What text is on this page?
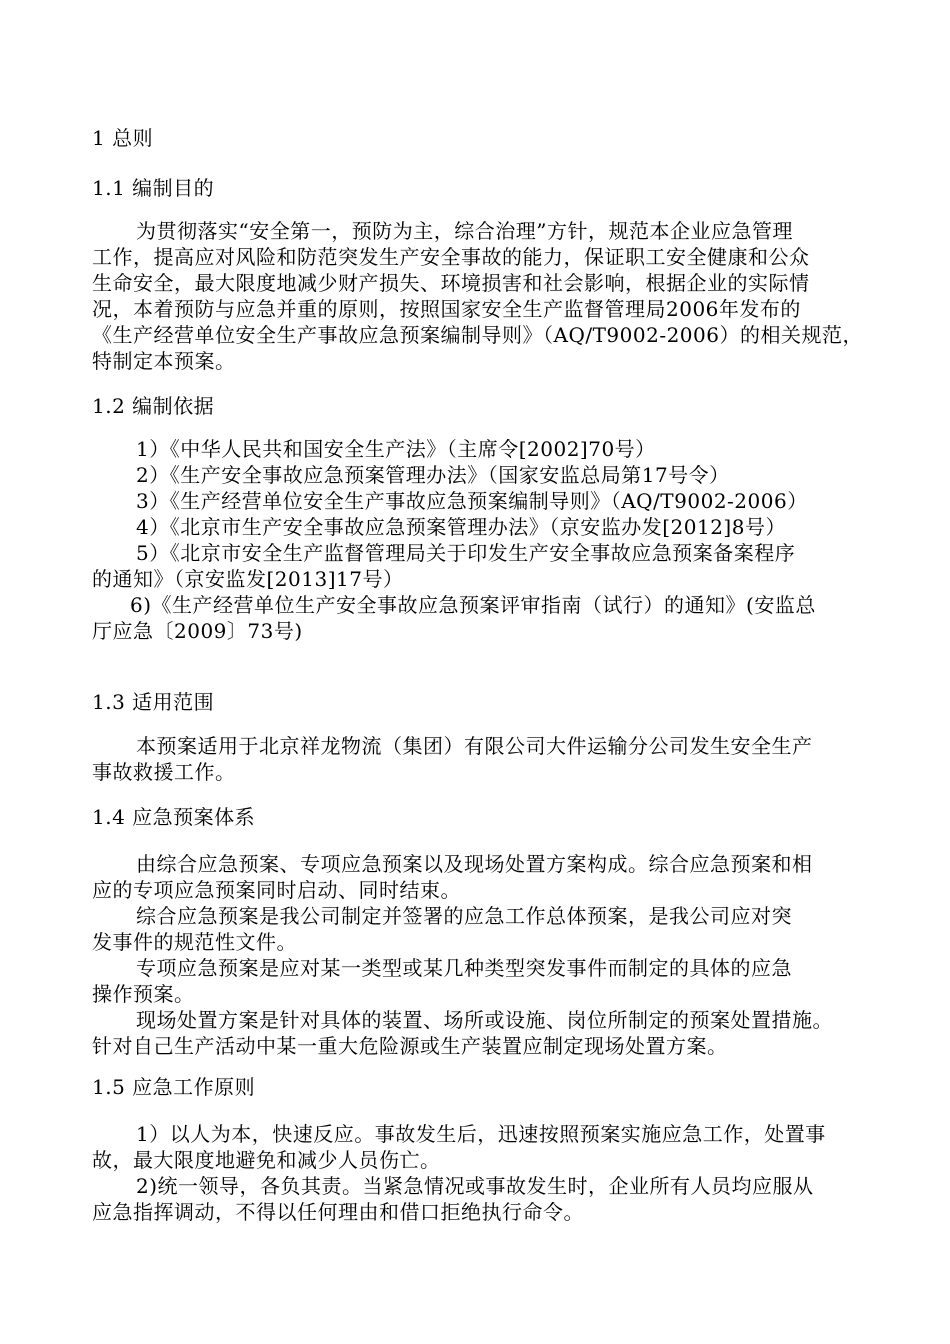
1 总则
1.1 编制目的
为贯彻落实“安全第一，预防为主，综合治理”方针，规范本企业应急管理
工作，提高应对风险和防范突发生产安全事故的能力，保证职工安全健康和公众
生命安全，最大限度地减少财产损失、环境损害和社会影响，根据企业的实际情
况，本着预防与应急并重的原则，按照国家安全生产监督管理局2006年发布的
《生产经营单位安全生产事故应急预案编制导则》（AQ/T9002-2006）的相关规范，
特制定本预案。
1.2 编制依据
1）《中华人民共和国安全生产法》（主席令[2002]70号）
2）《生产安全事故应急预案管理办法》（国家安监总局第17号令）
3）《生产经营单位安全生产事故应急预案编制导则》（AQ/T9002-2006）
4）《北京市生产安全事故应急预案管理办法》（京安监办发[2012]8号）
5）《北京市安全生产监督管理局关于印发生产安全事故应急预案备案程序
的通知》（京安监发[2013]17号）
6)《生产经营单位生产安全事故应急预案评审指南（试行）的通知》(安监总
厅应急〔2009〕73号)
1.3 适用范围
本预案适用于北京祥龙物流（集团）有限公司大件运输分公司发生安全生产
事故救援工作。
1.4 应急预案体系
由综合应急预案、专项应急预案以及现场处置方案构成。综合应急预案和相
应的专项应急预案同时启动、同时结束。
综合应急预案是我公司制定并签署的应急工作总体预案，是我公司应对突
发事件的规范性文件。
专项应急预案是应对某一类型或某几种类型突发事件而制定的具体的应急
操作预案。
现场处置方案是针对具体的装置、场所或设施、岗位所制定的预案处置措施。
针对自己生产活动中某一重大危险源或生产装置应制定现场处置方案。
1.5 应急工作原则
1）以人为本，快速反应。事故发生后，迅速按照预案实施应急工作，处置事
故，最大限度地避免和减少人员伤亡。
2)统一领导，各负其责。当紧急情况或事故发生时，企业所有人员均应服从
应急指挥调动，不得以任何理由和借口拒绝执行命令。
